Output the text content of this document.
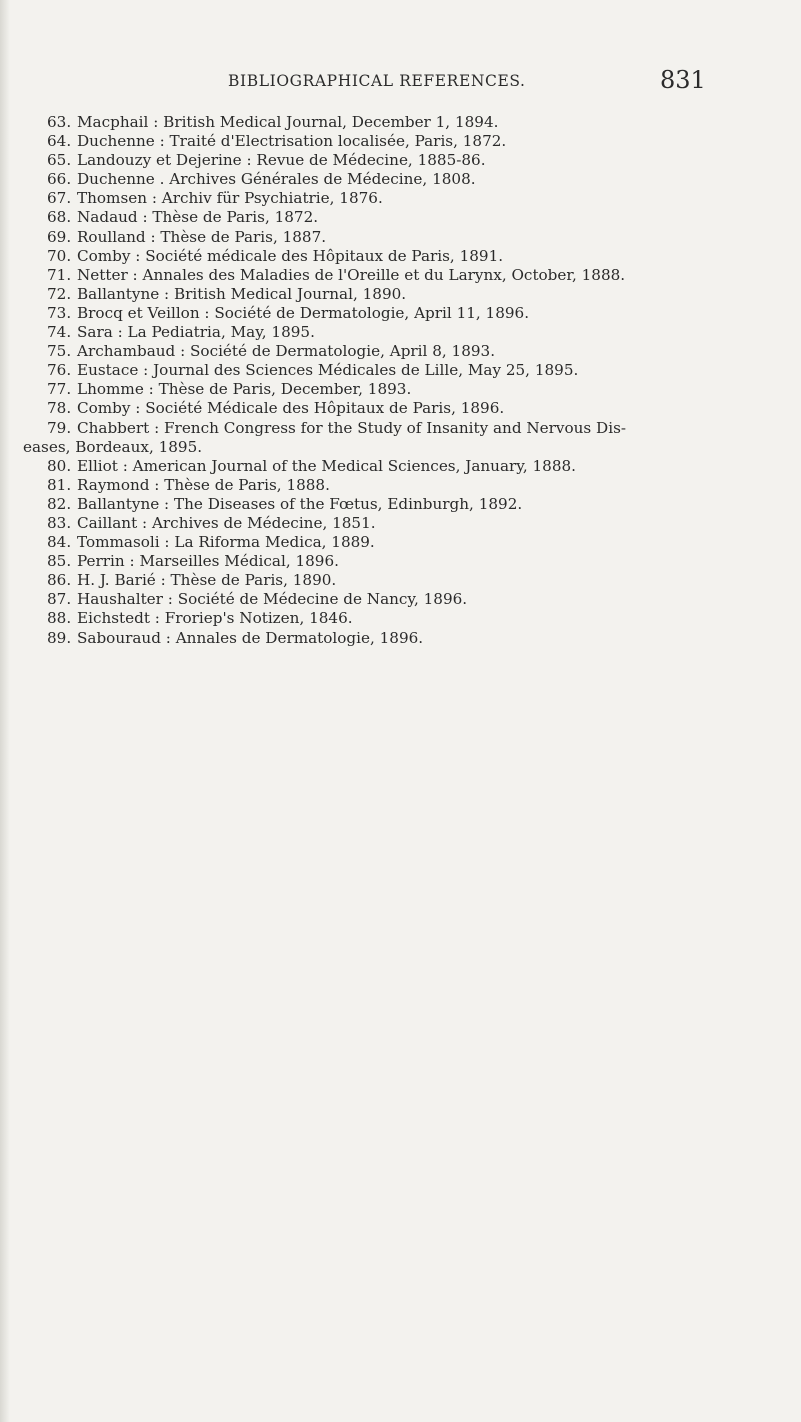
BIBLIOGRAPHICAL REFERENCES.	831
63. Macphail : British Medical Journal, December 1, 1894.
64. Duchenne : Traité d'Electrisation localisée, Paris, 1872.
65. Landouzy et Dejerine : Revue de Médecine, 1885-86.
66. Duchenne . Archives Générales de Médecine, 1808.
67. Thomsen : Archiv für Psychiatrie, 1876.
68. Nadaud : Thèse de Paris, 1872.
69. Roulland : Thèse de Paris, 1887.
70. Comby : Société médicale des Hôpitaux de Paris, 1891.
71. Netter : Annales des Maladies de l'Oreille et du Larynx, October, 1888.
72. Ballantyne : British Medical Journal, 1890.
73. Brocq et Veillon : Société de Dermatologie, April 11, 1896.
74. Sara : La Pediatria, May, 1895.
75. Archambaud : Société de Dermatologie, April 8, 1893.
76. Eustace : Journal des Sciences Médicales de Lille, May 25, 1895.
77. Lhomme : Thèse de Paris, December, 1893.
78. Comby : Société Médicale des Hôpitaux de Paris, 1896.
79. Chabbert : French Congress for the Study of Insanity and Nervous Dis-
eases, Bordeaux, 1895.
80. Elliot : American Journal of the Medical Sciences, January, 1888.
81. Raymond : Thèse de Paris, 1888.
82. Ballantyne : The Diseases of the Fœtus, Edinburgh, 1892.
83. Caillant : Archives de Médecine, 1851.
84. Tommasoli : La Riforma Medica, 1889.
85. Perrin : Marseilles Médical, 1896.
86. H. J. Barié : Thèse de Paris, 1890.
87. Haushalter : Société de Médecine de Nancy, 1896.
88. Eichstedt : Froriep's Notizen, 1846.
89. Sabouraud : Annales de Dermatologie, 1896.
